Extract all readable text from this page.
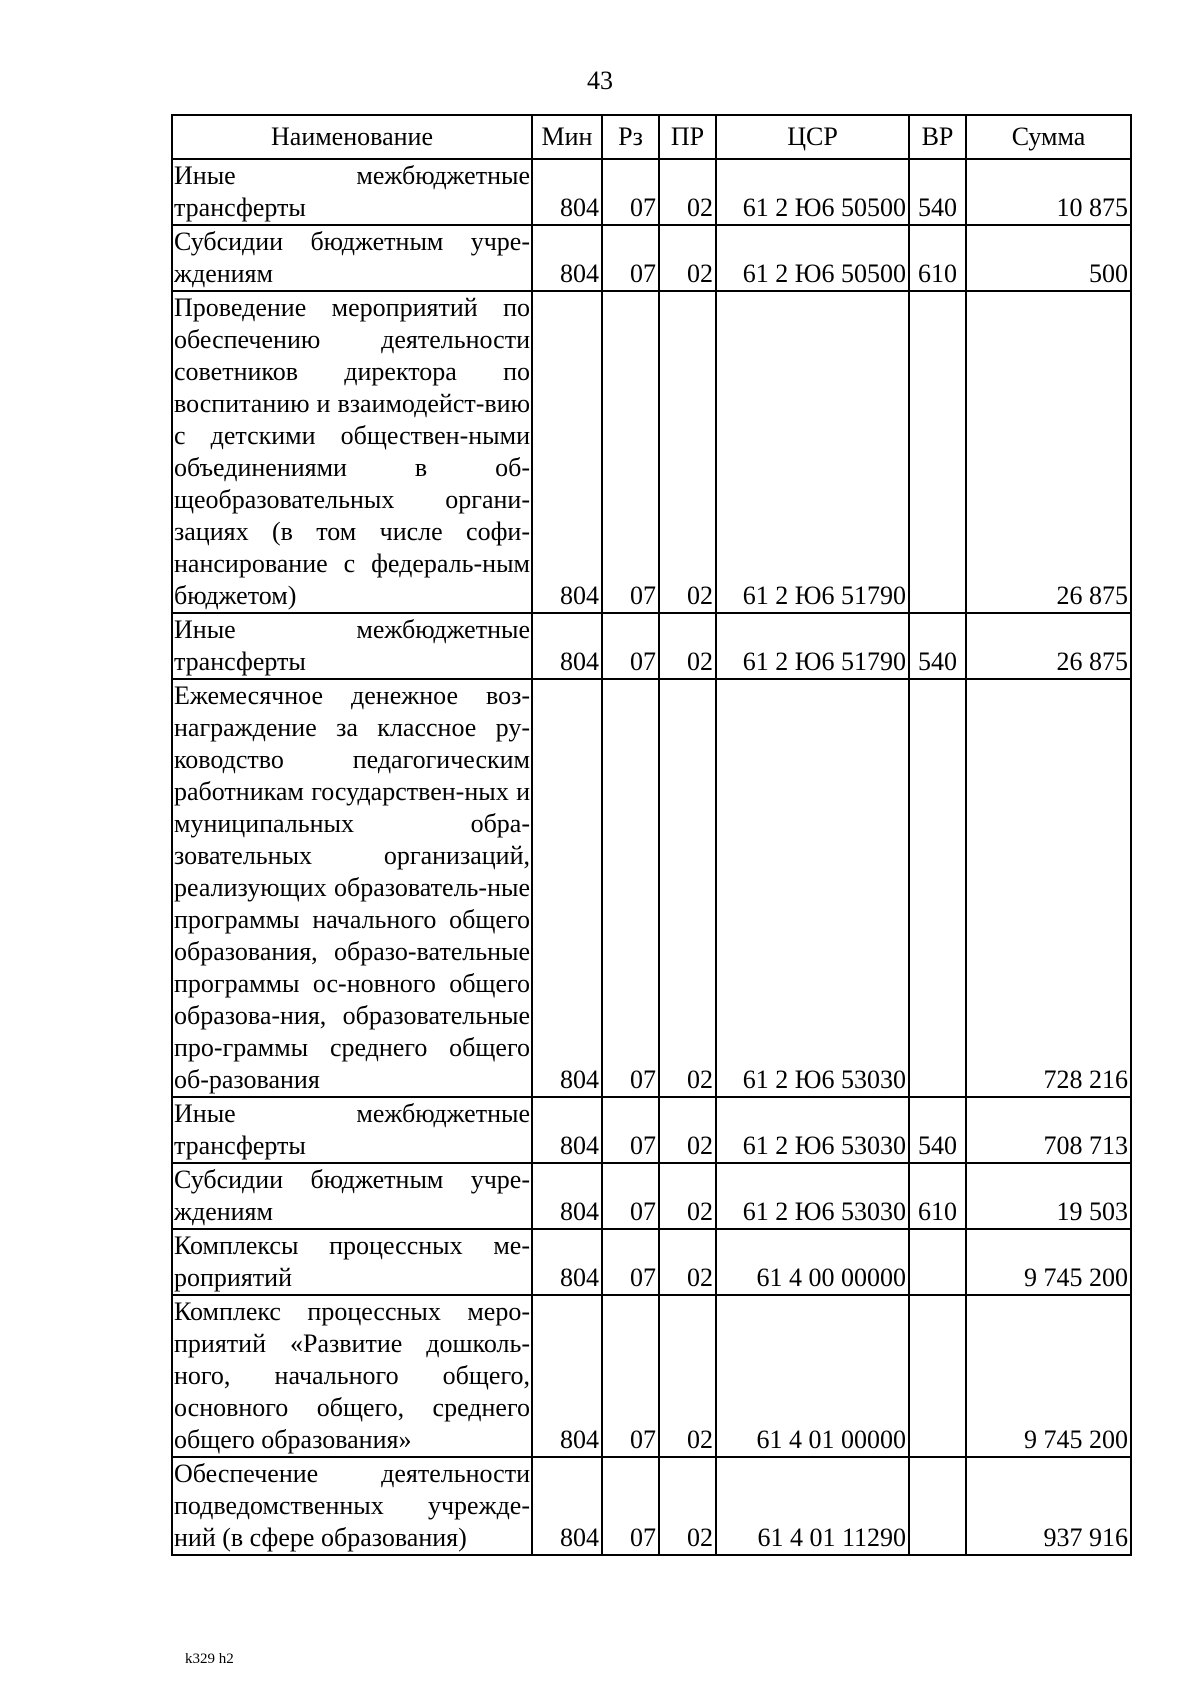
43
Наименование	Мин	Рз	ПР	ЦСР	ВР	Сумма
Иные межбюджетные трансферты	804	07	02	61 2 Ю6 50500	540	10 875
Субсидии бюджетным учре-ждениям	804	07	02	61 2 Ю6 50500	610	500
Проведение мероприятий по обеспечению деятельности советников директора по воспитанию и взаимодейст-вию с детскими обществен-ными объединениями в об-щеобразовательных органи-зациях (в том числе софи-нансирование с федераль-ным бюджетом)	804	07	02	61 2 Ю6 51790		26 875
Иные межбюджетные трансферты	804	07	02	61 2 Ю6 51790	540	26 875
Ежемесячное денежное воз-награждение за классное ру-ководство педагогическим работникам государствен-ных и муниципальных обра-зовательных организаций, реализующих образователь-ные программы начального общего образования, образо-вательные программы ос-новного общего образова-ния, образовательные про-граммы среднего общего об-разования	804	07	02	61 2 Ю6 53030		728 216
Иные межбюджетные трансферты	804	07	02	61 2 Ю6 53030	540	708 713
Субсидии бюджетным учре-ждениям	804	07	02	61 2 Ю6 53030	610	19 503
Комплексы процессных ме-роприятий	804	07	02	61 4 00 00000		9 745 200
Комплекс процессных меро-приятий «Развитие дошколь-ного, начального общего, основного общего, среднего общего образования»	804	07	02	61 4 01 00000		9 745 200
Обеспечение деятельности подведомственных учрежде-ний (в сфере образования)	804	07	02	61 4 01 11290		937 916
k329 h2
